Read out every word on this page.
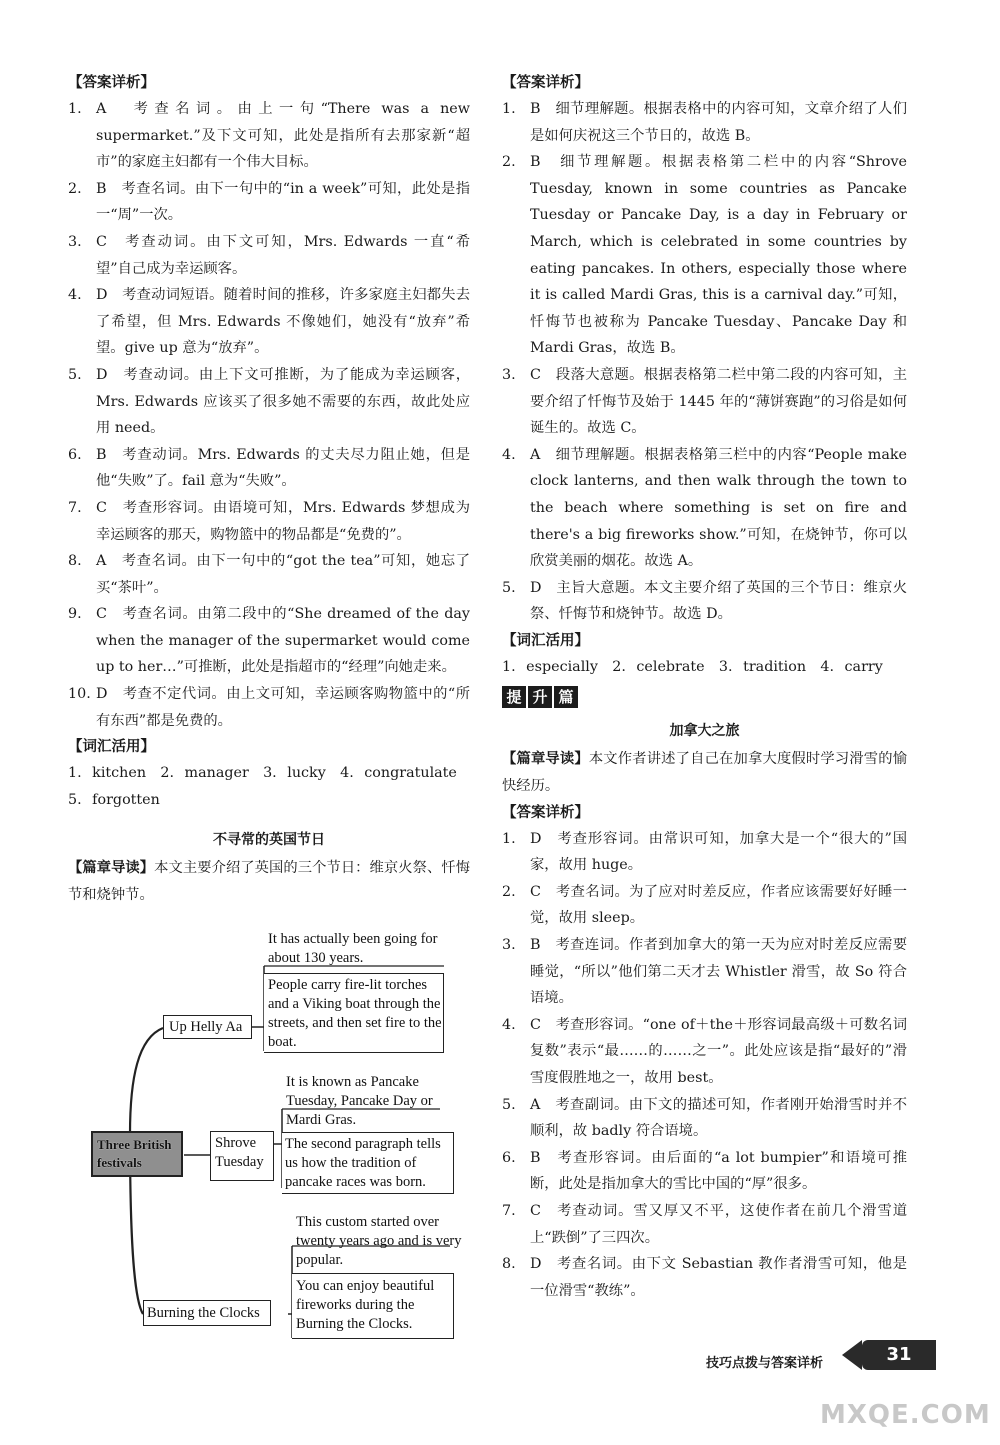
【答案详析】
1.	A　考查名词。由上一句“There was a new supermarket.”及下文可知，此处是指所有去那家新“超市”的家庭主妇都有一个伟大目标。
2.	B　考查名词。由下一句中的“in a week”可知，此处是指一“周”一次。
3.	C　考查动词。由下文可知，Mrs. Edwards 一直“希望”自己成为幸运顾客。
4.	D　考查动词短语。随着时间的推移，许多家庭主妇都失去了希望，但 Mrs. Edwards 不像她们，她没有“放弃”希望。give up 意为“放弃”。
5.	D　考查动词。由上下文可推断，为了能成为幸运顾客，Mrs. Edwards 应该买了很多她不需要的东西，故此处应用 need。
6.	B　考查动词。Mrs. Edwards 的丈夫尽力阻止她，但是他“失败”了。fail 意为“失败”。
7.	C　考查形容词。由语境可知，Mrs. Edwards 梦想成为幸运顾客的那天，购物篮中的物品都是“免费的”。
8.	A　考查名词。由下一句中的“got the tea”可知，她忘了买“茶叶”。
9.	C　考查名词。由第二段中的“She dreamed of the day when the manager of the supermarket would come up to her…”可推断，此处是指超市的“经理”向她走来。
10. D　考查不定代词。由上文可知，幸运顾客购物篮中的“所有东西”都是免费的。
【词汇活用】
1. kitchen　2. manager　3. lucky　4. congratulate
5. forgotten
不寻常的英国节日
【篇章导读】本文主要介绍了英国的三个节日：维京火祭、忏悔节和烧钟节。
Three British festivals
Up Helly Aa
It has actually been going for about 130 years.
People carry fire-lit torches and a Viking boat through the streets, and then set fire to the boat.
Shrove Tuesday
It is known as Pancake Tuesday, Pancake Day or Mardi Gras.
The second paragraph tells us how the tradition of pancake races was born.
Burning the Clocks
This custom started over twenty years ago and is very popular.
You can enjoy beautiful fireworks during the Burning the Clocks.
【答案详析】
1.	B　细节理解题。根据表格中的内容可知，文章介绍了人们是如何庆祝这三个节日的，故选 B。
2.	B　细节理解题。根据表格第二栏中的内容“Shrove Tuesday, known in some countries as Pancake Tuesday or Pancake Day, is a day in February or March, which is celebrated in some countries by eating pancakes. In others, especially those where it is called Mardi Gras, this is a carnival day.”可知，忏悔节也被称为 Pancake Tuesday、Pancake Day 和 Mardi Gras，故选 B。
3.	C　段落大意题。根据表格第二栏中第二段的内容可知，主要介绍了忏悔节及始于 1445 年的“薄饼赛跑”的习俗是如何诞生的。故选 C。
4.	A　细节理解题。根据表格第三栏中的内容“People make clock lanterns, and then walk through the town to the beach where something is set on fire and there's a big fireworks show.”可知，在烧钟节，你可以欣赏美丽的烟花。故选 A。
5.	D　主旨大意题。本文主要介绍了英国的三个节日：维京火祭、忏悔节和烧钟节。故选 D。
【词汇活用】
1. especially　2. celebrate　3. tradition　4. carry
提 升 篇
加拿大之旅
【篇章导读】本文作者讲述了自己在加拿大度假时学习滑雪的愉快经历。
【答案详析】
1.	D　考查形容词。由常识可知，加拿大是一个“很大的”国家，故用 huge。
2.	C　考查名词。为了应对时差反应，作者应该需要好好睡一觉，故用 sleep。
3.	B　考查连词。作者到加拿大的第一天为应对时差反应需要睡觉，“所以”他们第二天才去 Whistler 滑雪，故 So 符合语境。
4.	C　考查形容词。“one of＋the＋形容词最高级＋可数名词复数”表示“最……的……之一”。此处应该是指“最好的”滑雪度假胜地之一，故用 best。
5.	A　考查副词。由下文的描述可知，作者刚开始滑雪时并不顺利，故 badly 符合语境。
6.	B　考查形容词。由后面的“a lot bumpier”和语境可推断，此处是指加拿大的雪比中国的“厚”很多。
7.	C　考查动词。雪又厚又不平，这使作者在前几个滑雪道上“跌倒”了三四次。
8.	D　考查名词。由下文 Sebastian 教作者滑雪可知，他是一位滑雪“教练”。
技巧点拨与答案详析	31
MXQE.COM
